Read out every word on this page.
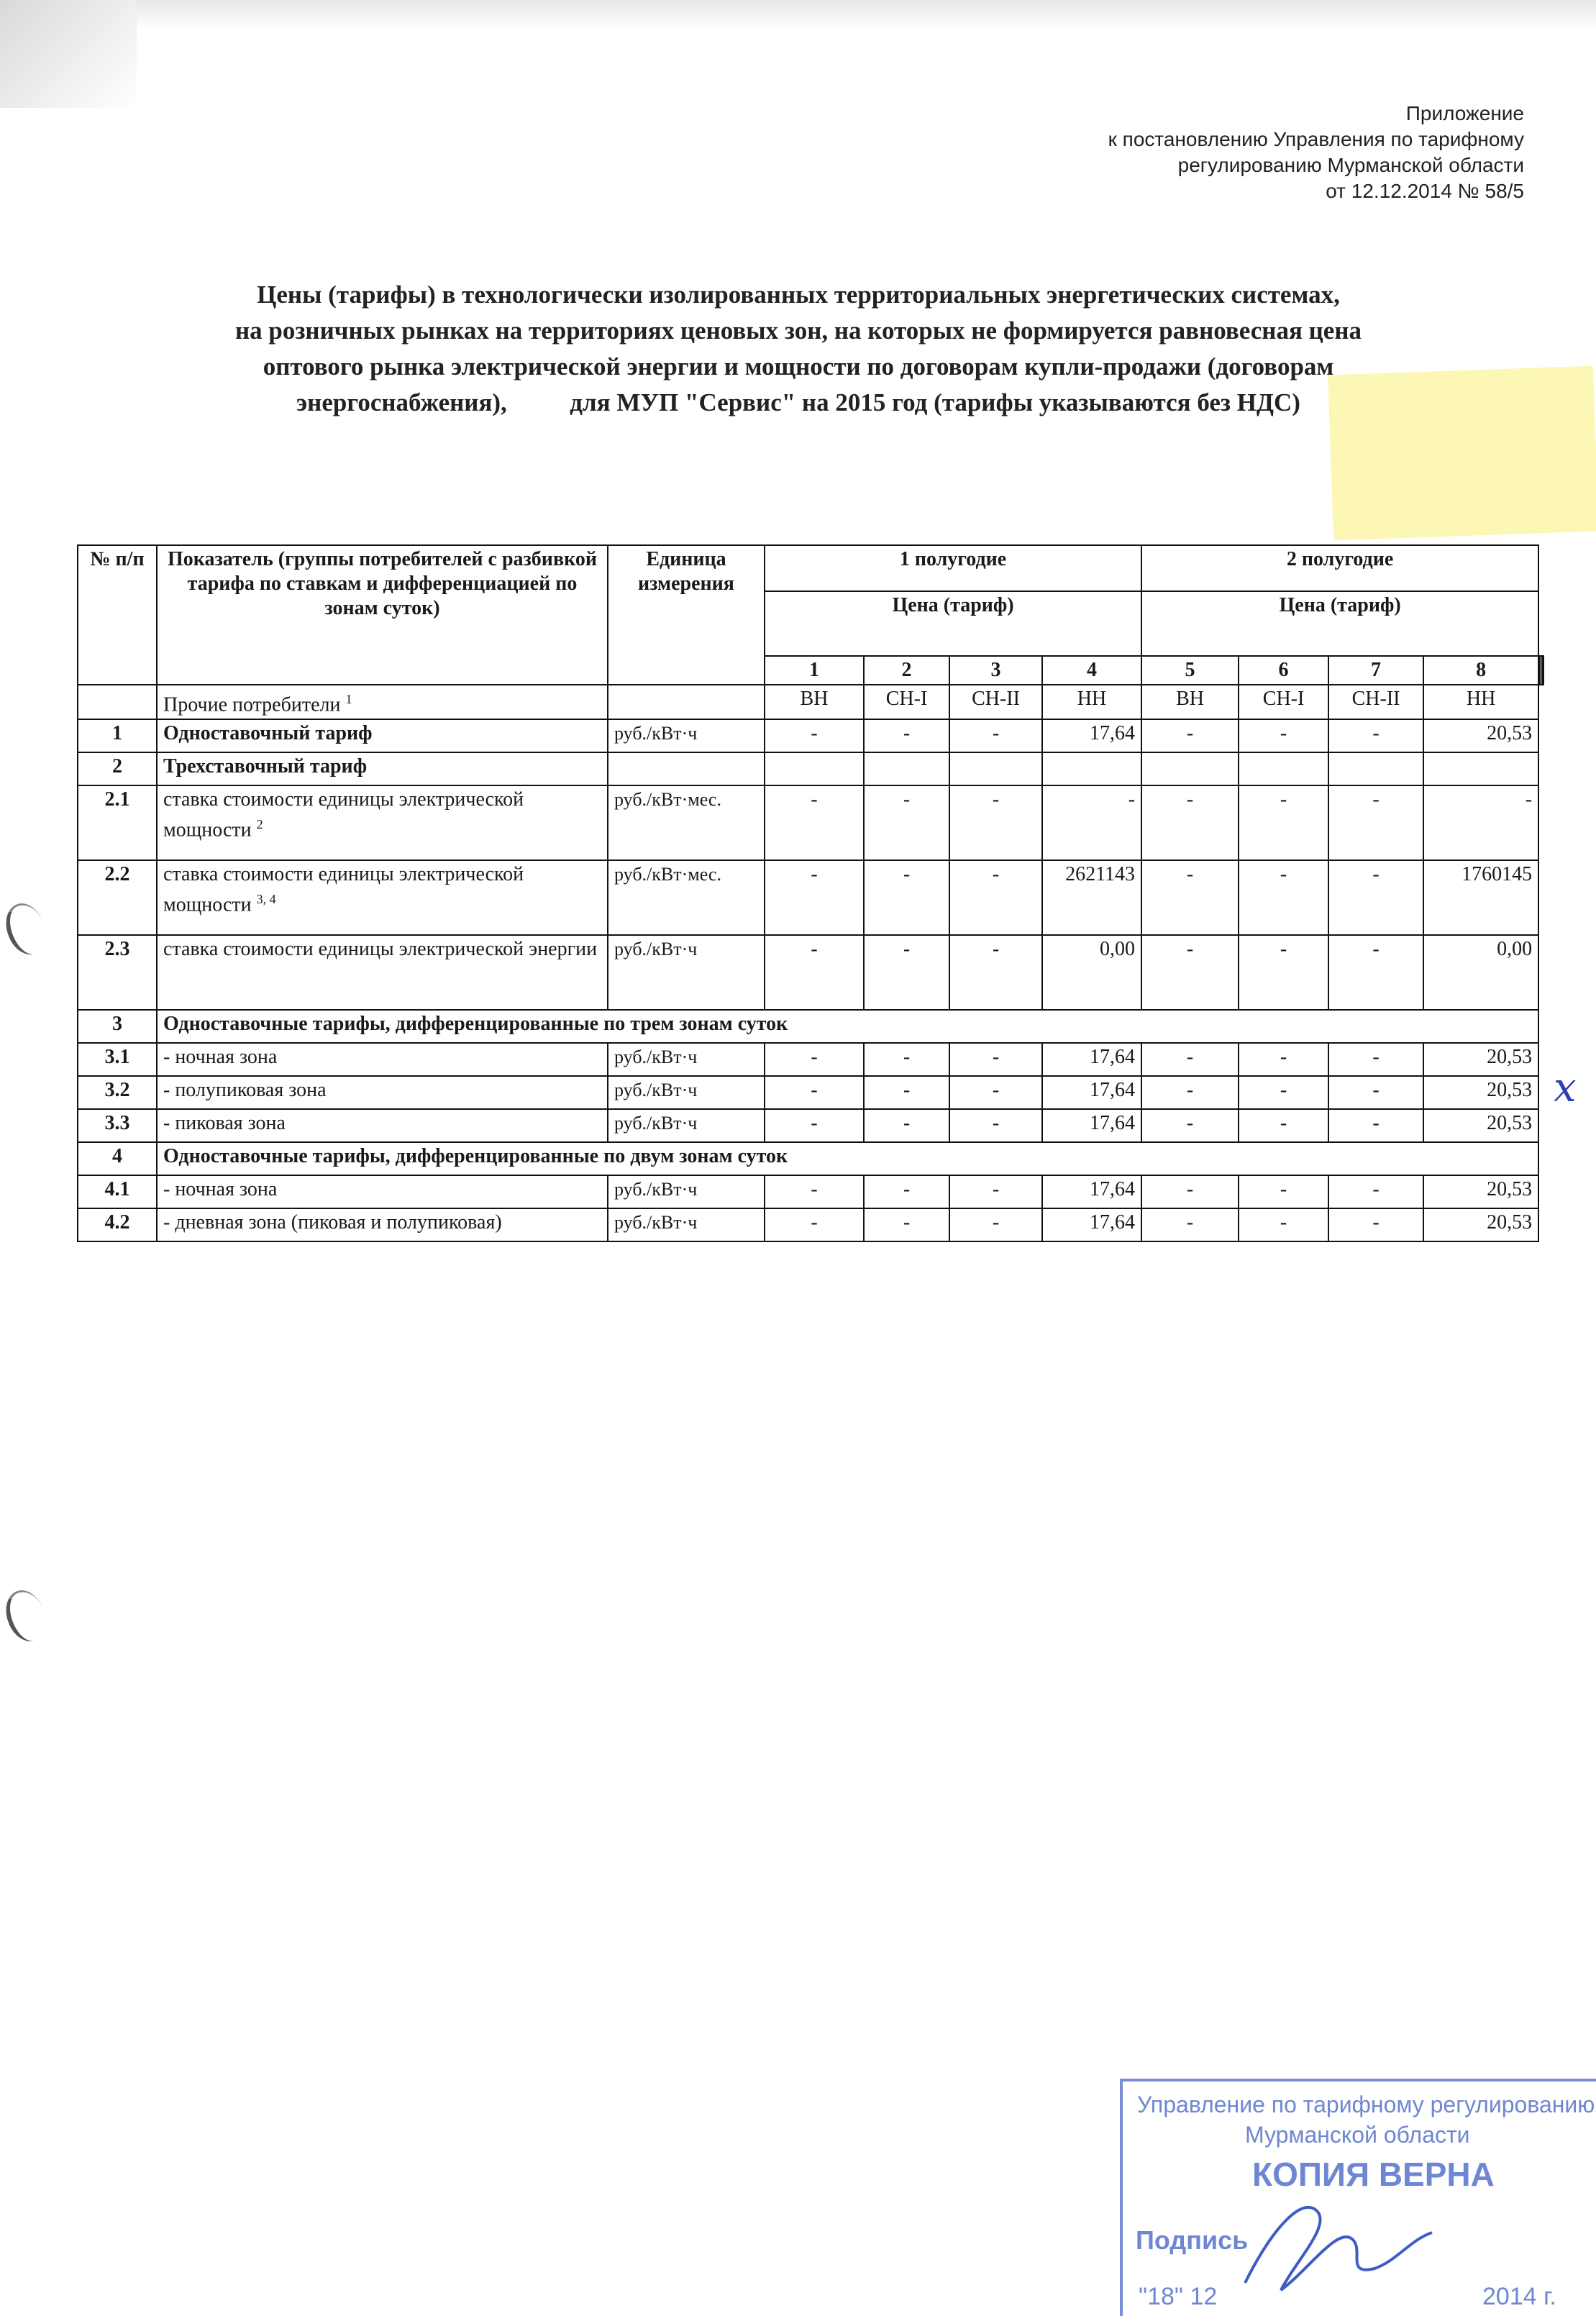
Приложение
к постановлению Управления по тарифному
регулированию Мурманской области
от 12.12.2014 № 58/5
Цены (тарифы) в технологически изолированных территориальных энергетических системах,
на розничных рынках на территориях ценовых зон, на которых не формируется равновесная цена
оптового рынка электрической энергии и мощности по договорам купли-продажи (договорам
энергоснабжения),          для МУП "Сервис" на 2015 год (тарифы указываются без НДС)
№ п/п	Показатель (группы потребителей с разбивкой тарифа по ставкам и дифференциацией по зонам суток)	Единица измерения	1 полугодие				2 полугодие						
			Цена (тариф)				Цена (тариф)						
			1	2	3	4	5	6	7	8			
	Прочие потребители $^1$		ВН	СН-I	СН-II	НН	ВН	СН-I	СН-II	НН			
1	Одноставочный тариф	руб./кВт·ч	-	-	-	17,64	-	-	-	20,53			
2	Трехставочный тариф												
2.1	ставка стоимости единицы электрической мощности $^2$	руб./кВт·мес.	-	-	-	-	-	-	-	-			
2.2	ставка стоимости единицы электрической мощности $^{3, 4}$	руб./кВт·мес.	-	-	-	2621143	-	-	-	1760145			
2.3	ставка стоимости единицы электрической энергии	руб./кВт·ч	-	-	-	0,00	-	-	-	0,00			
3	Одноставочные тарифы, дифференцированные по трем зонам суток												
3.1	- ночная зона	руб./кВт·ч	-	-	-	17,64	-	-	-	20,53			
3.2	- полупиковая зона	руб./кВт·ч	-	-	-	17,64	-	-	-	20,53			
3.3	- пиковая зона	руб./кВт·ч	-	-	-	17,64	-	-	-	20,53			
4	Одноставочные тарифы, дифференцированные по двум зонам суток												
4.1	- ночная зона	руб./кВт·ч	-	-	-	17,64	-	-	-	20,53			
4.2	- дневная зона (пиковая и полупиковая)	руб./кВт·ч	-	-	-	17,64	-	-	-	20,53			
x
Управление по тарифному регулированию
Мурманской области
КОПИЯ ВЕРНА
Подпись
"18" 12	2014 г.
